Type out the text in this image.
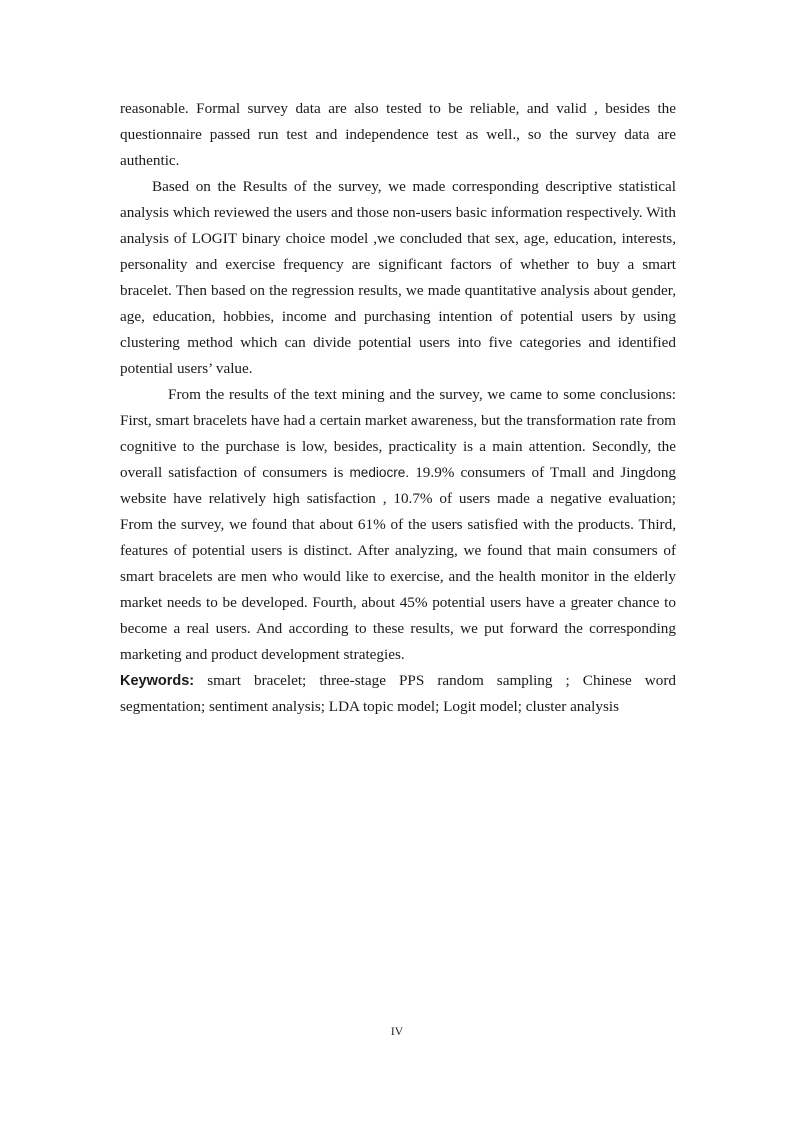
reasonable. Formal survey data are also tested to be reliable, and valid , besides the questionnaire passed run test and independence test as well., so the survey data are authentic.

Based on the Results of the survey, we made corresponding descriptive statistical analysis which reviewed the users and those non-users basic information respectively. With analysis of LOGIT binary choice model ,we concluded that sex, age, education, interests, personality and exercise frequency are significant factors of whether to buy a smart bracelet. Then based on the regression results, we made quantitative analysis about gender, age, education, hobbies, income and purchasing intention of potential users by using clustering method which can divide potential users into five categories and identified potential users’ value.

From the results of the text mining and the survey, we came to some conclusions: First, smart bracelets have had a certain market awareness, but the transformation rate from cognitive to the purchase is low, besides, practicality is a main attention. Secondly, the overall satisfaction of consumers is mediocre. 19.9% consumers of Tmall and Jingdong website have relatively high satisfaction , 10.7% of users made a negative evaluation; From the survey, we found that about 61% of the users satisfied with the products. Third, features of potential users is distinct. After analyzing, we found that main consumers of smart bracelets are men who would like to exercise, and the health monitor in the elderly market needs to be developed. Fourth, about 45% potential users have a greater chance to become a real users. And according to these results, we put forward the corresponding marketing and product development strategies.

Keywords: smart bracelet; three-stage PPS random sampling ; Chinese word segmentation; sentiment analysis; LDA topic model; Logit model; cluster analysis

IV
